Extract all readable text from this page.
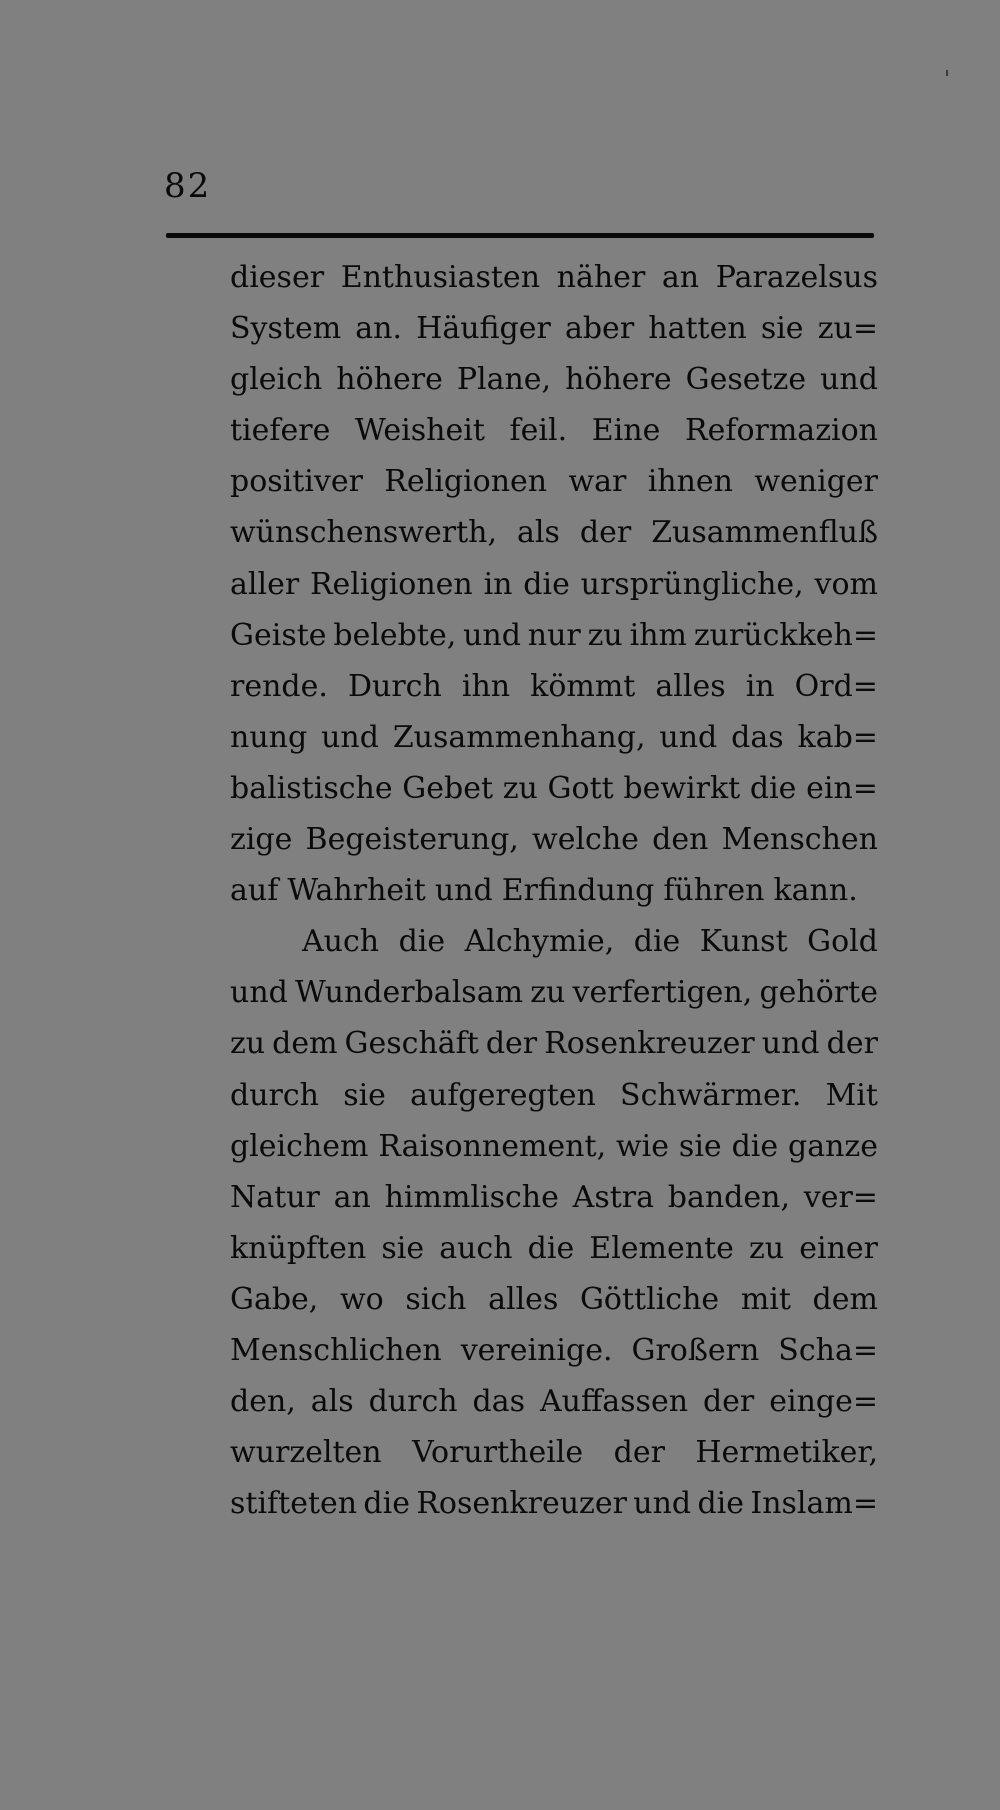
82
dieser Enthusiasten näher an Parazelsus
System an. Häufiger aber hatten sie zu=
gleich höhere Plane, höhere Gesetze und
tiefere Weisheit feil. Eine Reformazion
positiver Religionen war ihnen weniger
wünschenswerth, als der Zusammenfluß
aller Religionen in die ursprüngliche, vom
Geiste belebte, und nur zu ihm zurückkeh=
rende. Durch ihn kömmt alles in Ord=
nung und Zusammenhang, und das kab=
balistische Gebet zu Gott bewirkt die ein=
zige Begeisterung, welche den Menschen
auf Wahrheit und Erfindung führen kann.
Auch die Alchymie, die Kunst Gold
und Wunderbalsam zu verfertigen, gehörte
zu dem Geschäft der Rosenkreuzer und der
durch sie aufgeregten Schwärmer. Mit
gleichem Raisonnement, wie sie die ganze
Natur an himmlische Astra banden, ver=
knüpften sie auch die Elemente zu einer
Gabe, wo sich alles Göttliche mit dem
Menschlichen vereinige. Großern Scha=
den, als durch das Auffassen der einge=
wurzelten Vorurtheile der Hermetiker,
stifteten die Rosenkreuzer und die Inslam=
